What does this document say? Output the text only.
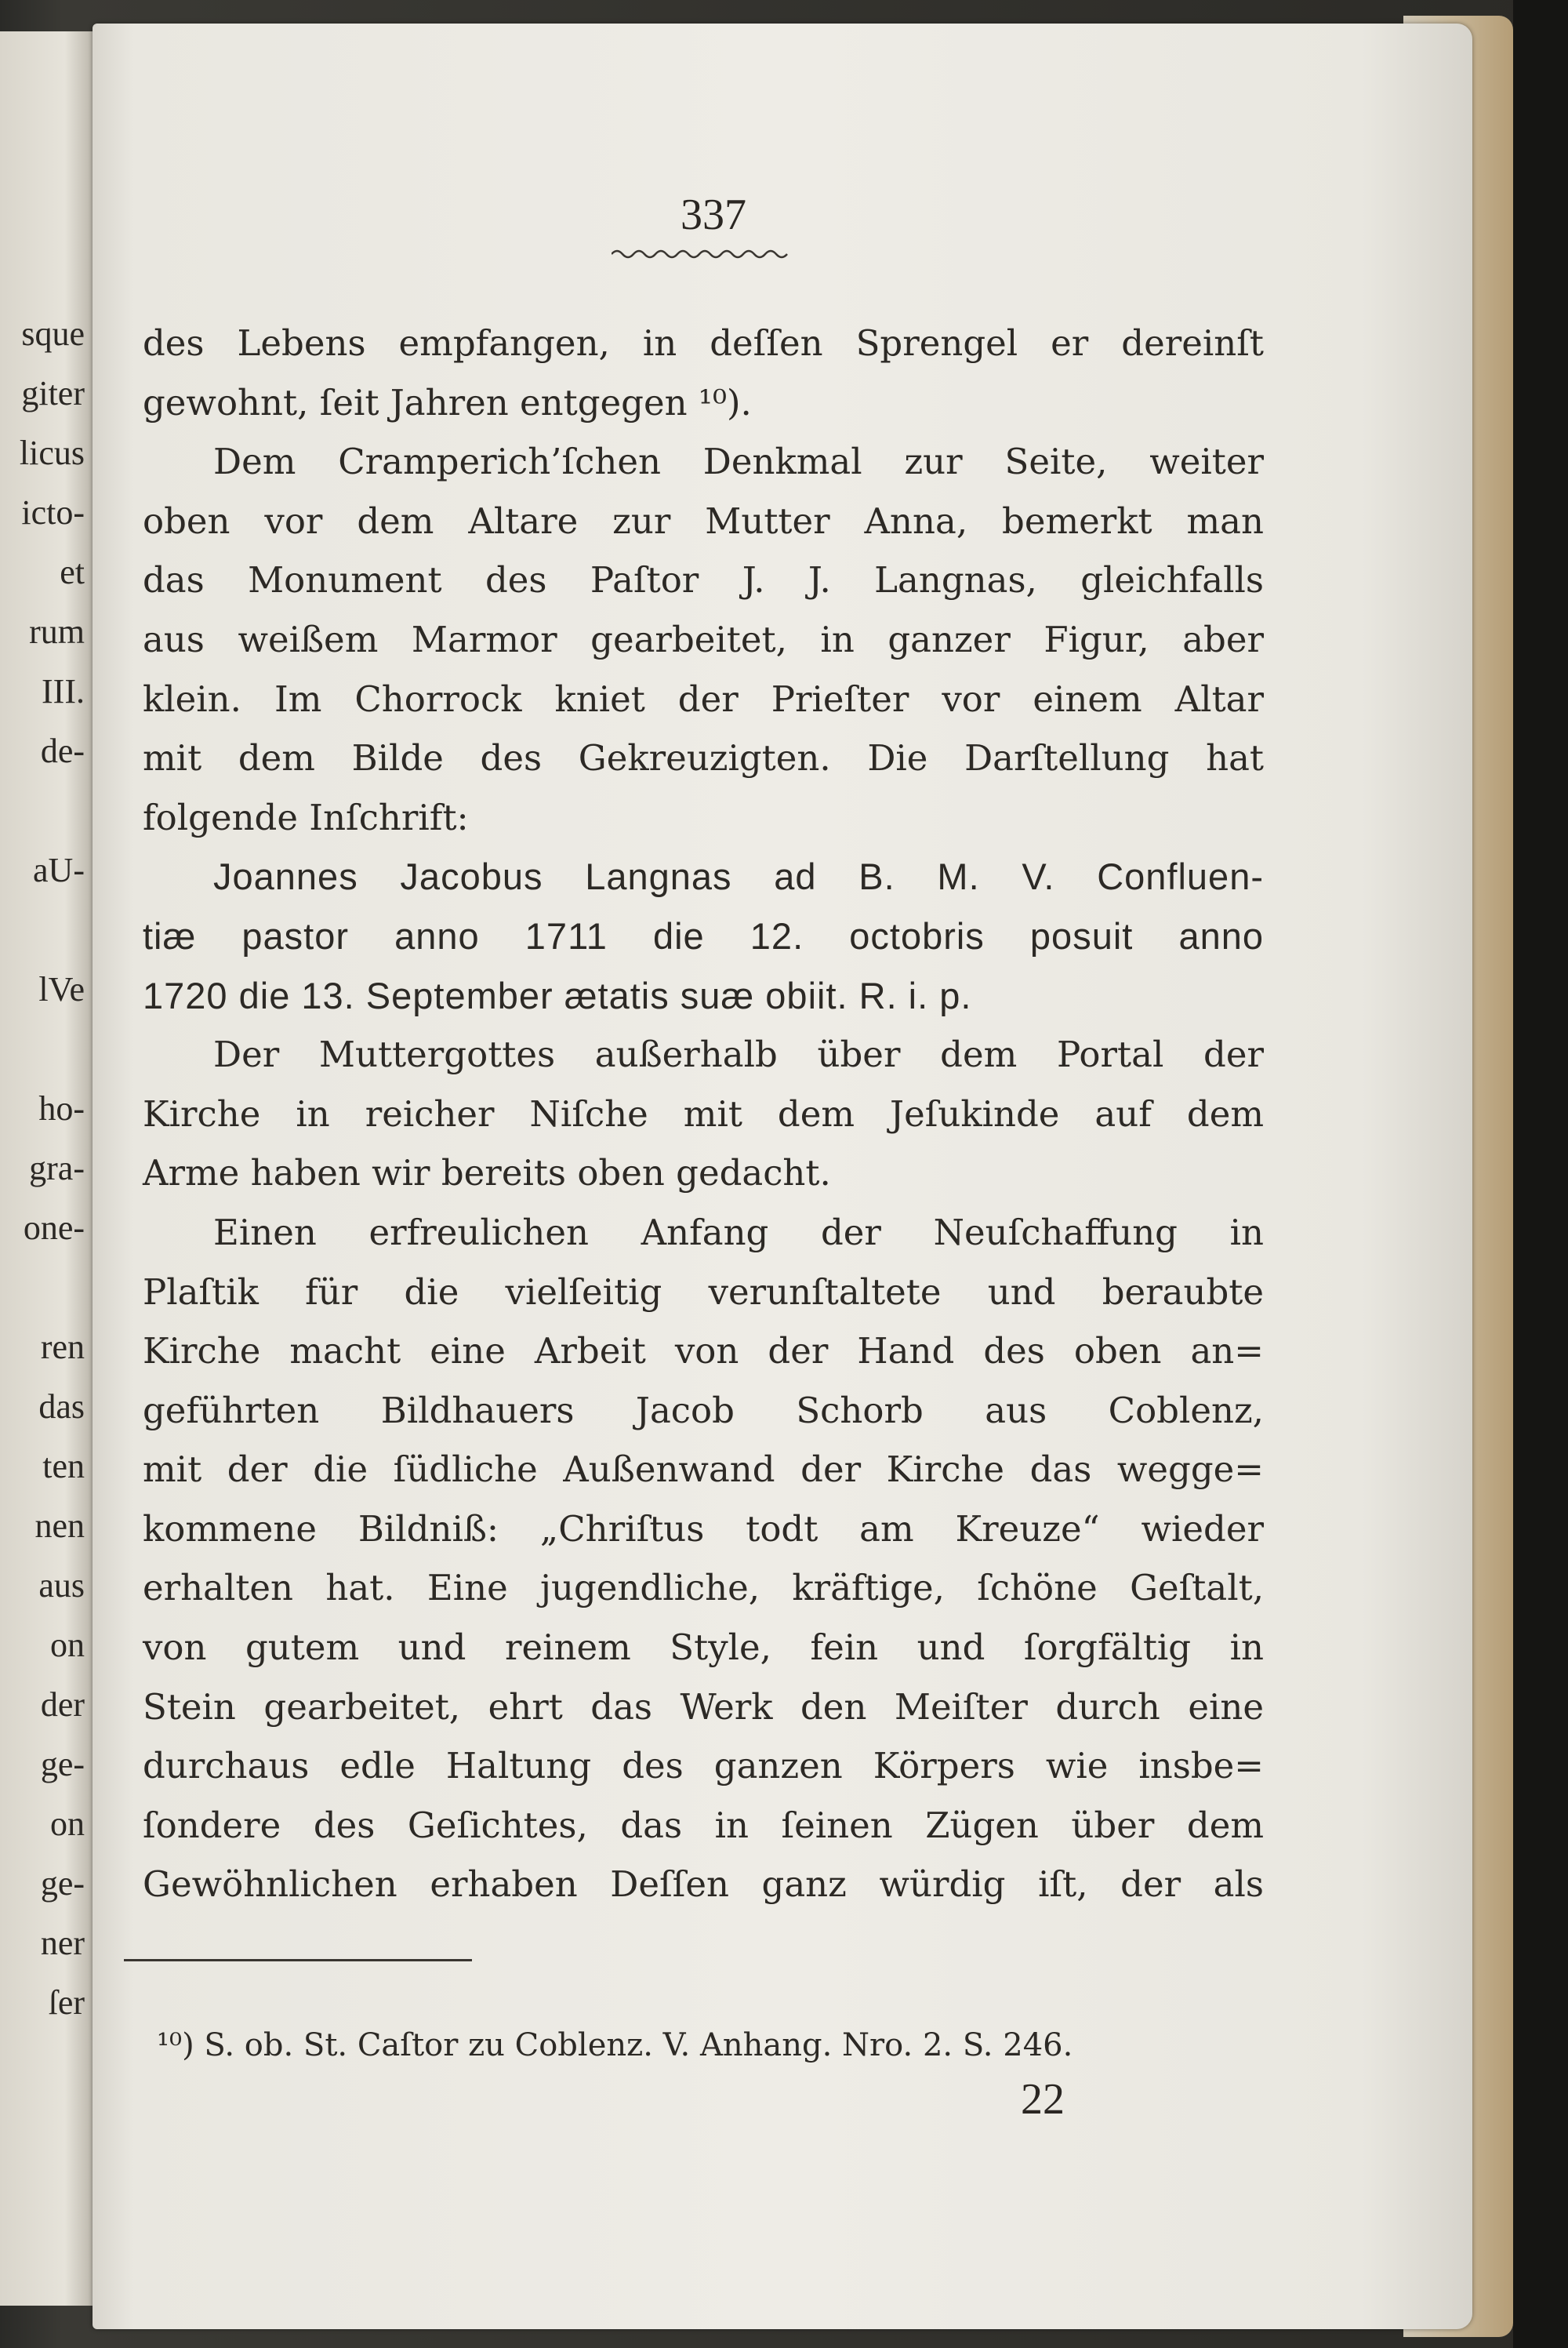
sque
giter
licus
icto-
et
rum
III.
de-
aU-
lVe
ho-
gra-
one-
ren
das
ten
nen
aus
on
der
ge-
on
ge-
ner
ſer
337
des Lebens empfangen, in deſſen Sprengel er dereinſt
gewohnt, ſeit Jahren entgegen ¹⁰).
Dem Cramperich’ſchen Denkmal zur Seite, weiter
oben vor dem Altare zur Mutter Anna, bemerkt man
das Monument des Paſtor J. J. Langnas, gleichfalls
aus weißem Marmor gearbeitet, in ganzer Figur, aber
klein. Im Chorrock kniet der Prieſter vor einem Altar
mit dem Bilde des Gekreuzigten. Die Darſtellung hat
folgende Inſchrift:
Joannes Jacobus Langnas ad B. M. V. Confluen-
tiæ pastor anno 1711 die 12. octobris posuit anno
1720 die 13. September ætatis suæ obiit. R. i. p.
Der Muttergottes außerhalb über dem Portal der
Kirche in reicher Niſche mit dem Jeſukinde auf dem
Arme haben wir bereits oben gedacht.
Einen erfreulichen Anfang der Neuſchaffung in
Plaſtik für die vielſeitig verunſtaltete und beraubte
Kirche macht eine Arbeit von der Hand des oben an=
geführten Bildhauers Jacob Schorb aus Coblenz,
mit der die ſüdliche Außenwand der Kirche das wegge=
kommene Bildniß: „Chriſtus todt am Kreuze“ wieder
erhalten hat. Eine jugendliche, kräftige, ſchöne Geſtalt,
von gutem und reinem Style, fein und ſorgfältig in
Stein gearbeitet, ehrt das Werk den Meiſter durch eine
durchaus edle Haltung des ganzen Körpers wie insbe=
ſondere des Geſichtes, das in ſeinen Zügen über dem
Gewöhnlichen erhaben Deſſen ganz würdig iſt, der als
¹⁰) S. ob. St. Caſtor zu Coblenz. V. Anhang. Nro. 2. S. 246.
22
